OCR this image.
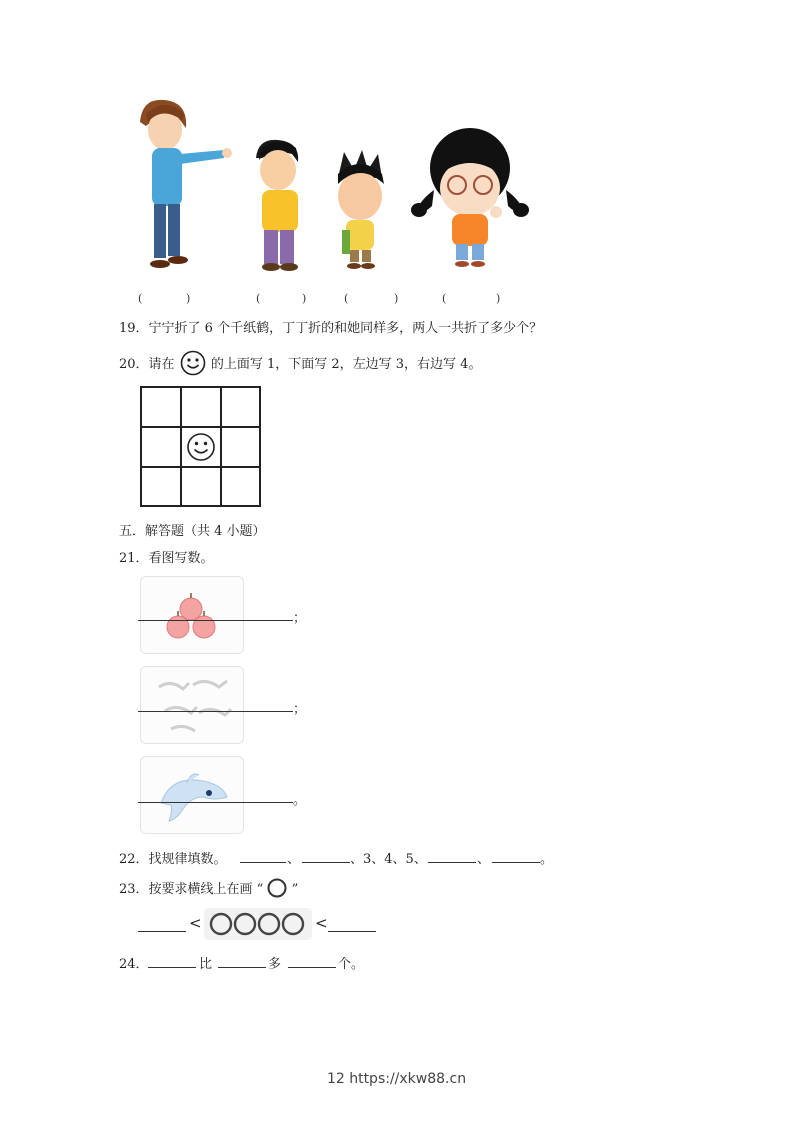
(	)	(	)	(	)	(	)
19．宁宁折了 6 个千纸鹤，丁丁折的和她同样多，两人一共折了多少个？
20．请在	的上面写 1，下面写 2，左边写 3，右边写 4。
五．解答题（共 4 小题）
21．看图写数。
；
；
。
22．找规律填数。	、	、3、4、5、	、	。
23．按要求横线上在画 “ ”
<	<
24．	比	多	个。
12 https://xkw88.cn
